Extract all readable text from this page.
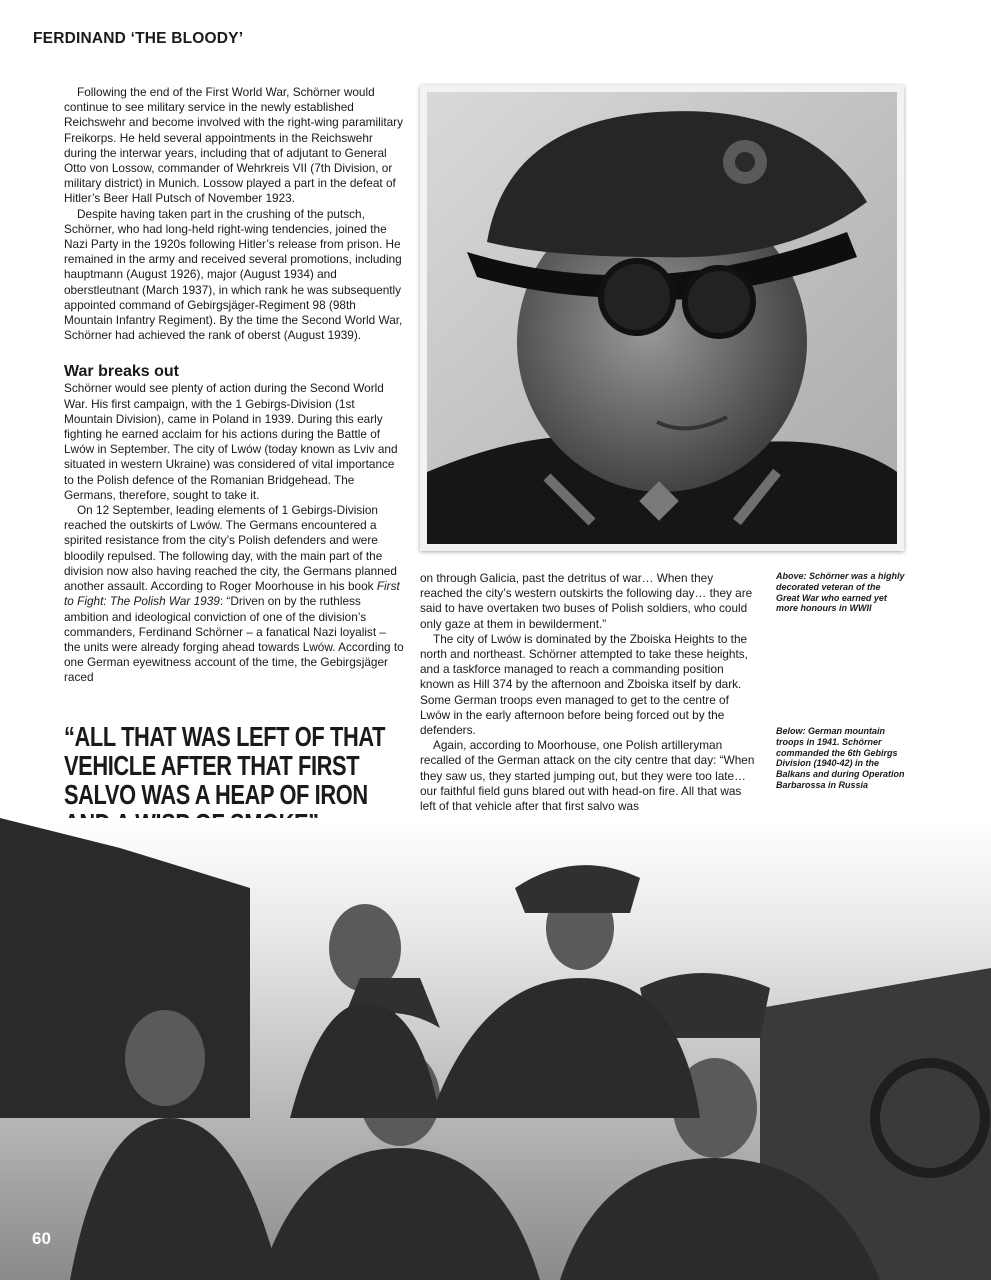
FERDINAND ‘THE BLOODY’

Following the end of the First World War, Schörner would continue to see military service in the newly established Reichswehr and become involved with the right-wing paramilitary Freikorps. He held several appointments in the Reichswehr during the interwar years, including that of adjutant to General Otto von Lossow, commander of Wehrkreis VII (7th Division, or military district) in Munich. Lossow played a part in the defeat of Hitler’s Beer Hall Putsch of November 1923.

Despite having taken part in the crushing of the putsch, Schörner, who had long-held right-wing tendencies, joined the Nazi Party in the 1920s following Hitler’s release from prison. He remained in the army and received several promotions, including hauptmann (August 1926), major (August 1934) and oberstleutnant (March 1937), in which rank he was subsequently appointed command of Gebirgsjäger-Regiment 98 (98th Mountain Infantry Regiment). By the time the Second World War, Schörner had achieved the rank of oberst (August 1939).

War breaks out

Schörner would see plenty of action during the Second World War. His first campaign, with the 1 Gebirgs-Division (1st Mountain Division), came in Poland in 1939. During this early fighting he earned acclaim for his actions during the Battle of Lwów in September. The city of Lwów (today known as Lviv and situated in western Ukraine) was considered of vital importance to the Polish defence of the Romanian Bridgehead. The Germans, therefore, sought to take it.

On 12 September, leading elements of 1 Gebirgs-Division reached the outskirts of Lwów. The Germans encountered a spirited resistance from the city’s Polish defenders and were bloodily repulsed. The following day, with the main part of the division now also having reached the city, the Germans planned another assault. According to Roger Moorhouse in his book First to Fight: The Polish War 1939: “Driven on by the ruthless ambition and ideological conviction of one of the division’s commanders, Ferdinand Schörner – a fanatical Nazi loyalist – the units were already forging ahead towards Lwów. According to one German eyewitness account of the time, the Gebirgsjäger raced

“ALL THAT WAS LEFT OF THAT VEHICLE AFTER THAT FIRST SALVO WAS A HEAP OF IRON

on through Galicia, past the detritus of war… When they reached the city’s western outskirts the following day… they are said to have overtaken two buses of Polish soldiers, who could only gaze at them in bewilderment.”

The city of Lwów is dominated by the Zboiska Heights to the north and northeast. Schörner attempted to take these heights, and a taskforce managed to reach a commanding position known as Hill 374 by the afternoon and Zboiska itself by dark. Some German troops even managed to get to the centre of Lwów in the early afternoon before being forced out by the defenders.

Again, according to Moorhouse, one Polish artilleryman recalled of the German attack on the city centre that day: “When they saw us, they started jumping out, but they were too late… our faithful field guns blared out with head-on fire. All that was left of that vehicle after that first salvo was

Above: Schörner was a highly decorated veteran of the Great War who earned yet more honours in WWII
Below: German mountain troops in 1941. Schörner commanded the 6th Gebirgs Division (1940-42) in the Balkans and during Operation Barbarossa in Russia
60
